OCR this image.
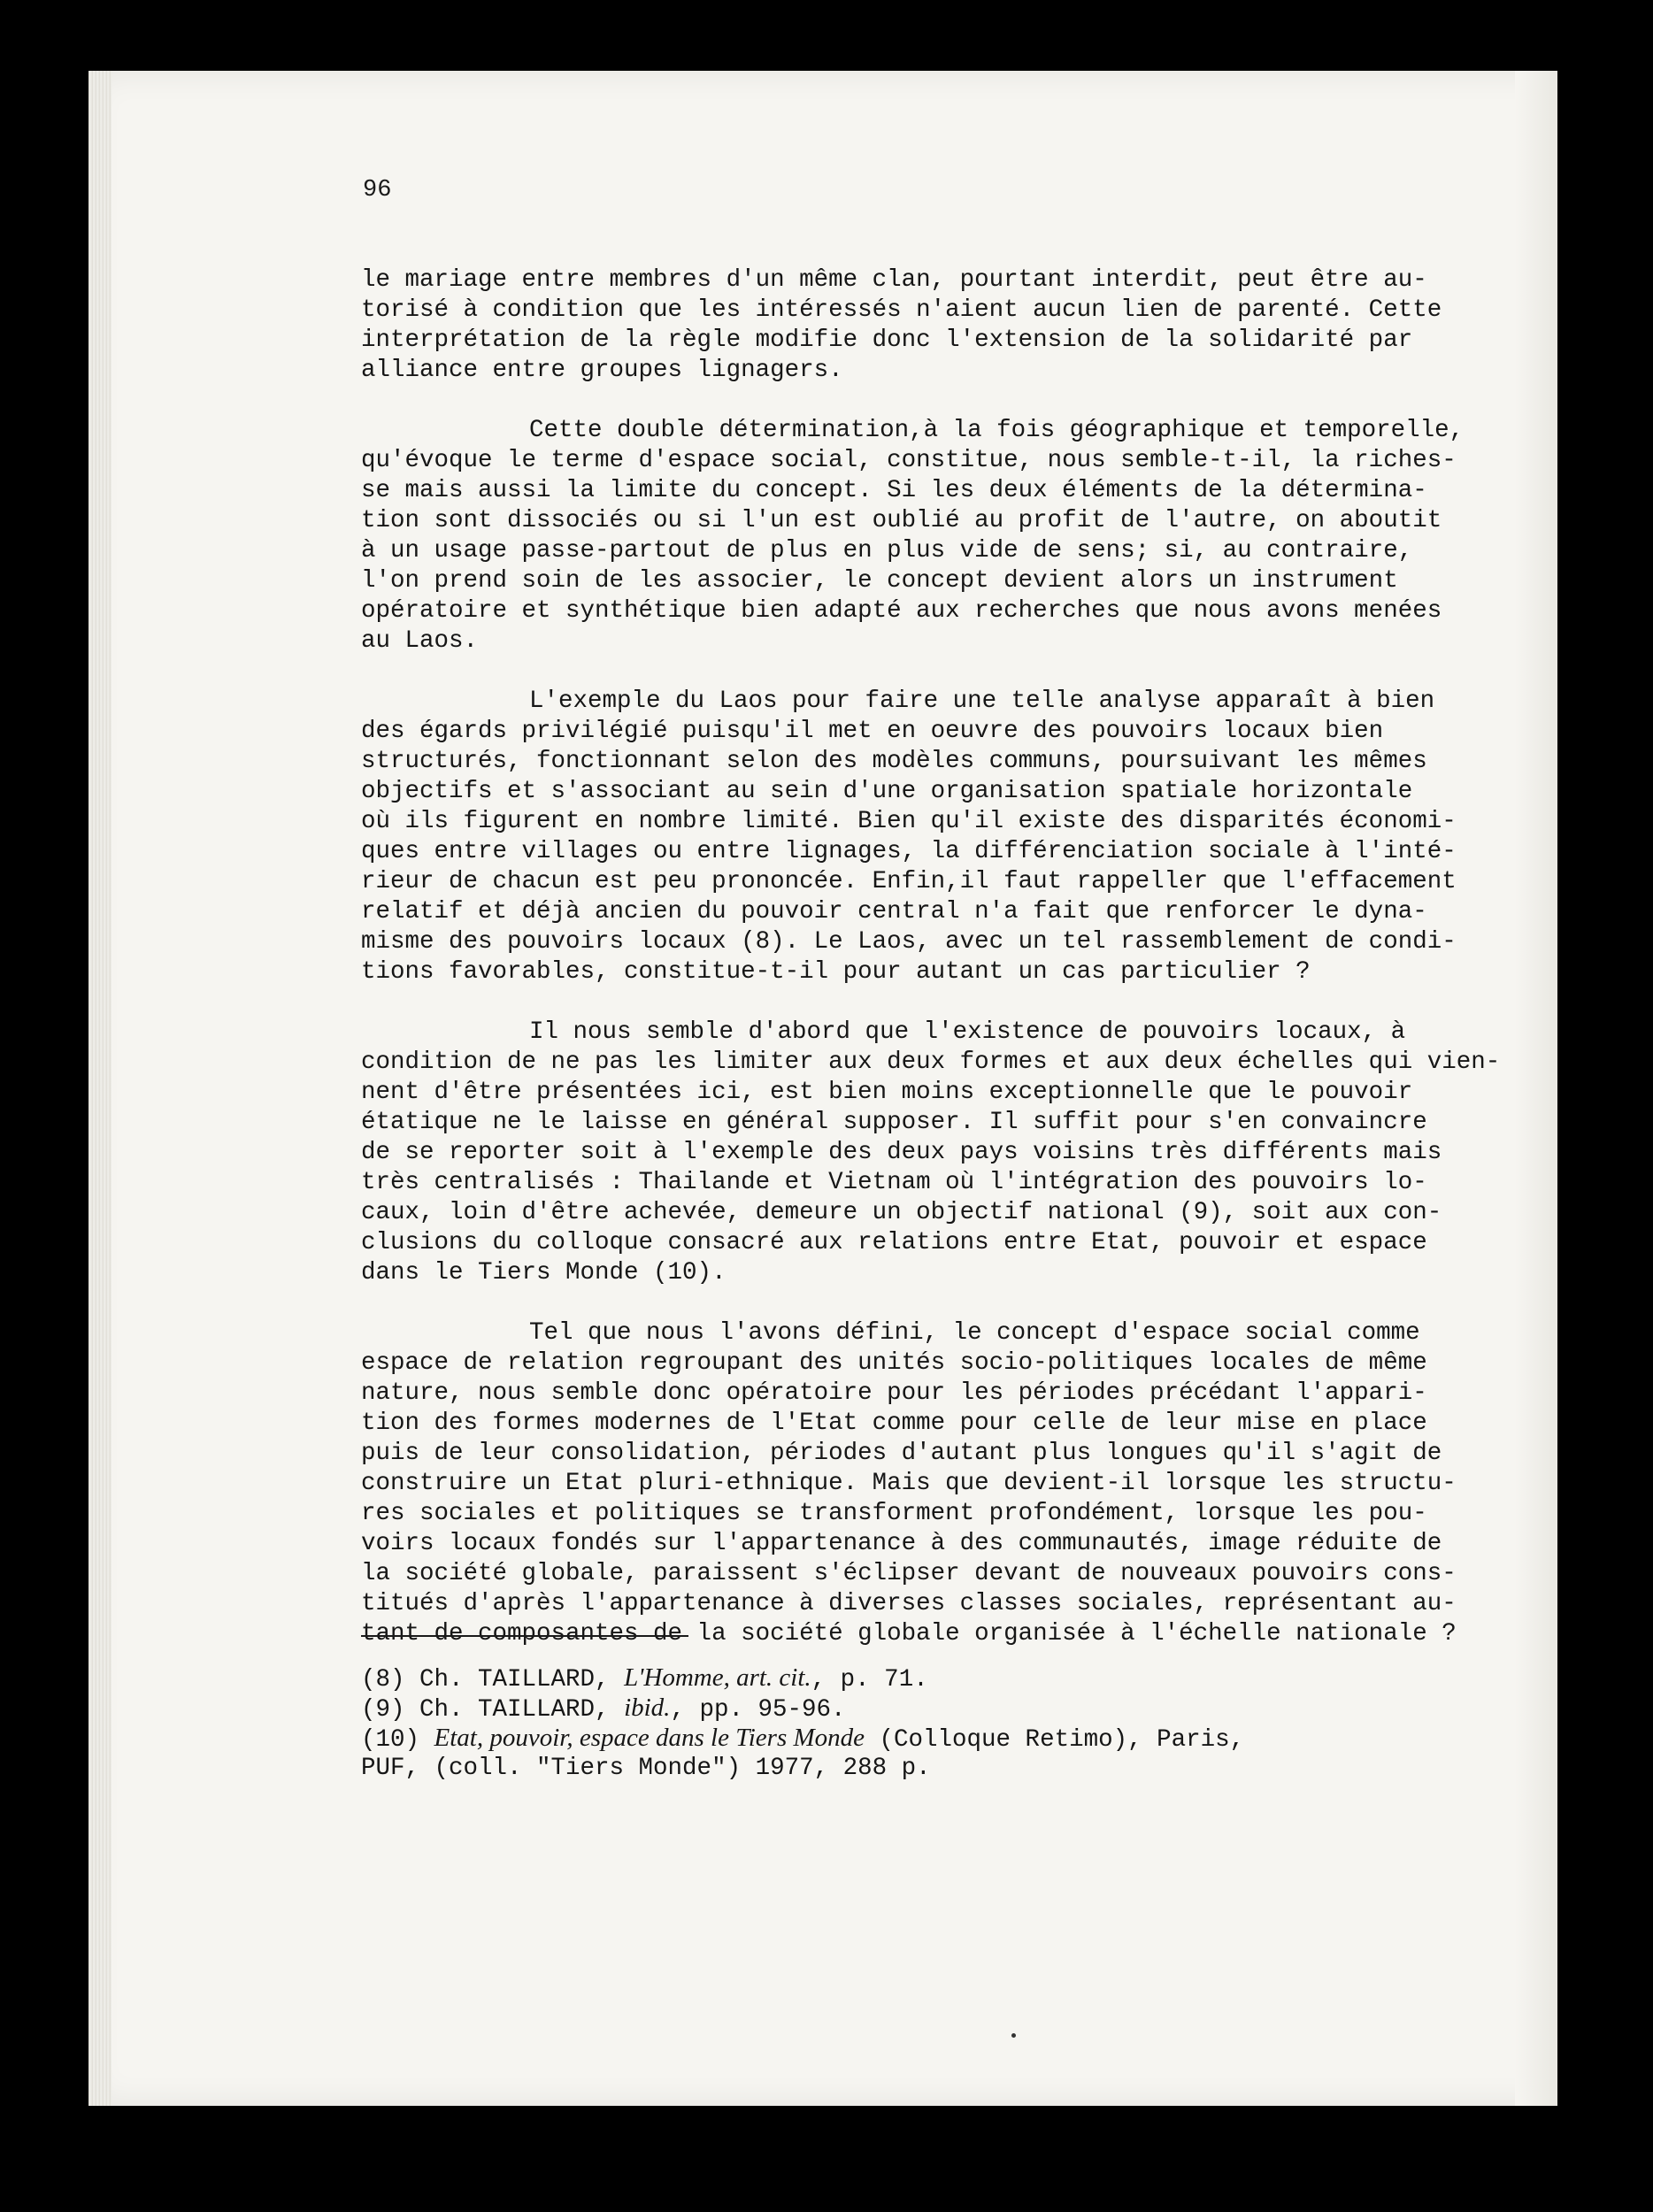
96
le mariage entre membres d'un même clan, pourtant interdit, peut être au-
torisé à condition que les intéressés n'aient aucun lien de parenté. Cette
interprétation de la règle modifie donc l'extension de la solidarité par
alliance entre groupes lignagers.
Cette double détermination,à la fois géographique et temporelle,
qu'évoque le terme d'espace social, constitue, nous semble-t-il, la riches-
se mais aussi la limite du concept. Si les deux éléments de la détermina-
tion sont dissociés ou si l'un est oublié au profit de l'autre, on aboutit
à un usage passe-partout de plus en plus vide de sens; si, au contraire,
l'on prend soin de les associer, le concept devient alors un instrument
opératoire et synthétique bien adapté aux recherches que nous avons menées
au Laos.
L'exemple du Laos pour faire une telle analyse apparaît à bien
des égards privilégié puisqu'il met en oeuvre des pouvoirs locaux bien
structurés, fonctionnant selon des modèles communs, poursuivant les mêmes
objectifs et s'associant au sein d'une organisation spatiale horizontale
où ils figurent en nombre limité. Bien qu'il existe des disparités économi-
ques entre villages ou entre lignages, la différenciation sociale à l'inté-
rieur de chacun est peu prononcée. Enfin,il faut rappeller que l'effacement
relatif et déjà ancien du pouvoir central n'a fait que renforcer le dyna-
misme des pouvoirs locaux (8). Le Laos, avec un tel rassemblement de condi-
tions favorables, constitue-t-il pour autant un cas particulier ?
Il nous semble d'abord que l'existence de pouvoirs locaux, à
condition de ne pas les limiter aux deux formes et aux deux échelles qui vien-
nent d'être présentées ici, est bien moins exceptionnelle que le pouvoir
étatique ne le laisse en général supposer. Il suffit pour s'en convaincre
de se reporter soit à l'exemple des deux pays voisins très différents mais
très centralisés : Thailande et Vietnam où l'intégration des pouvoirs lo-
caux, loin d'être achevée, demeure un objectif national (9), soit aux con-
clusions du colloque consacré aux relations entre Etat, pouvoir et espace
dans le Tiers Monde (10).
Tel que nous l'avons défini, le concept d'espace social comme
espace de relation regroupant des unités socio-politiques locales de même
nature, nous semble donc opératoire pour les périodes précédant l'appari-
tion des formes modernes de l'Etat comme pour celle de leur mise en place
puis de leur consolidation, périodes d'autant plus longues qu'il s'agit de
construire un Etat pluri-ethnique. Mais que devient-il lorsque les structu-
res sociales et politiques se transforment profondément, lorsque les pou-
voirs locaux fondés sur l'appartenance à des communautés, image réduite de
la société globale, paraissent s'éclipser devant de nouveaux pouvoirs cons-
titués d'après l'appartenance à diverses classes sociales, représentant au-
tant de composantes de la société globale organisée à l'échelle nationale ?
(8) Ch. TAILLARD, L'Homme, art. cit., p. 71.
(9) Ch. TAILLARD, ibid., pp. 95-96.
(10) Etat, pouvoir, espace dans le Tiers Monde (Colloque Retimo), Paris,
PUF, (coll. "Tiers Monde") 1977, 288 p.
